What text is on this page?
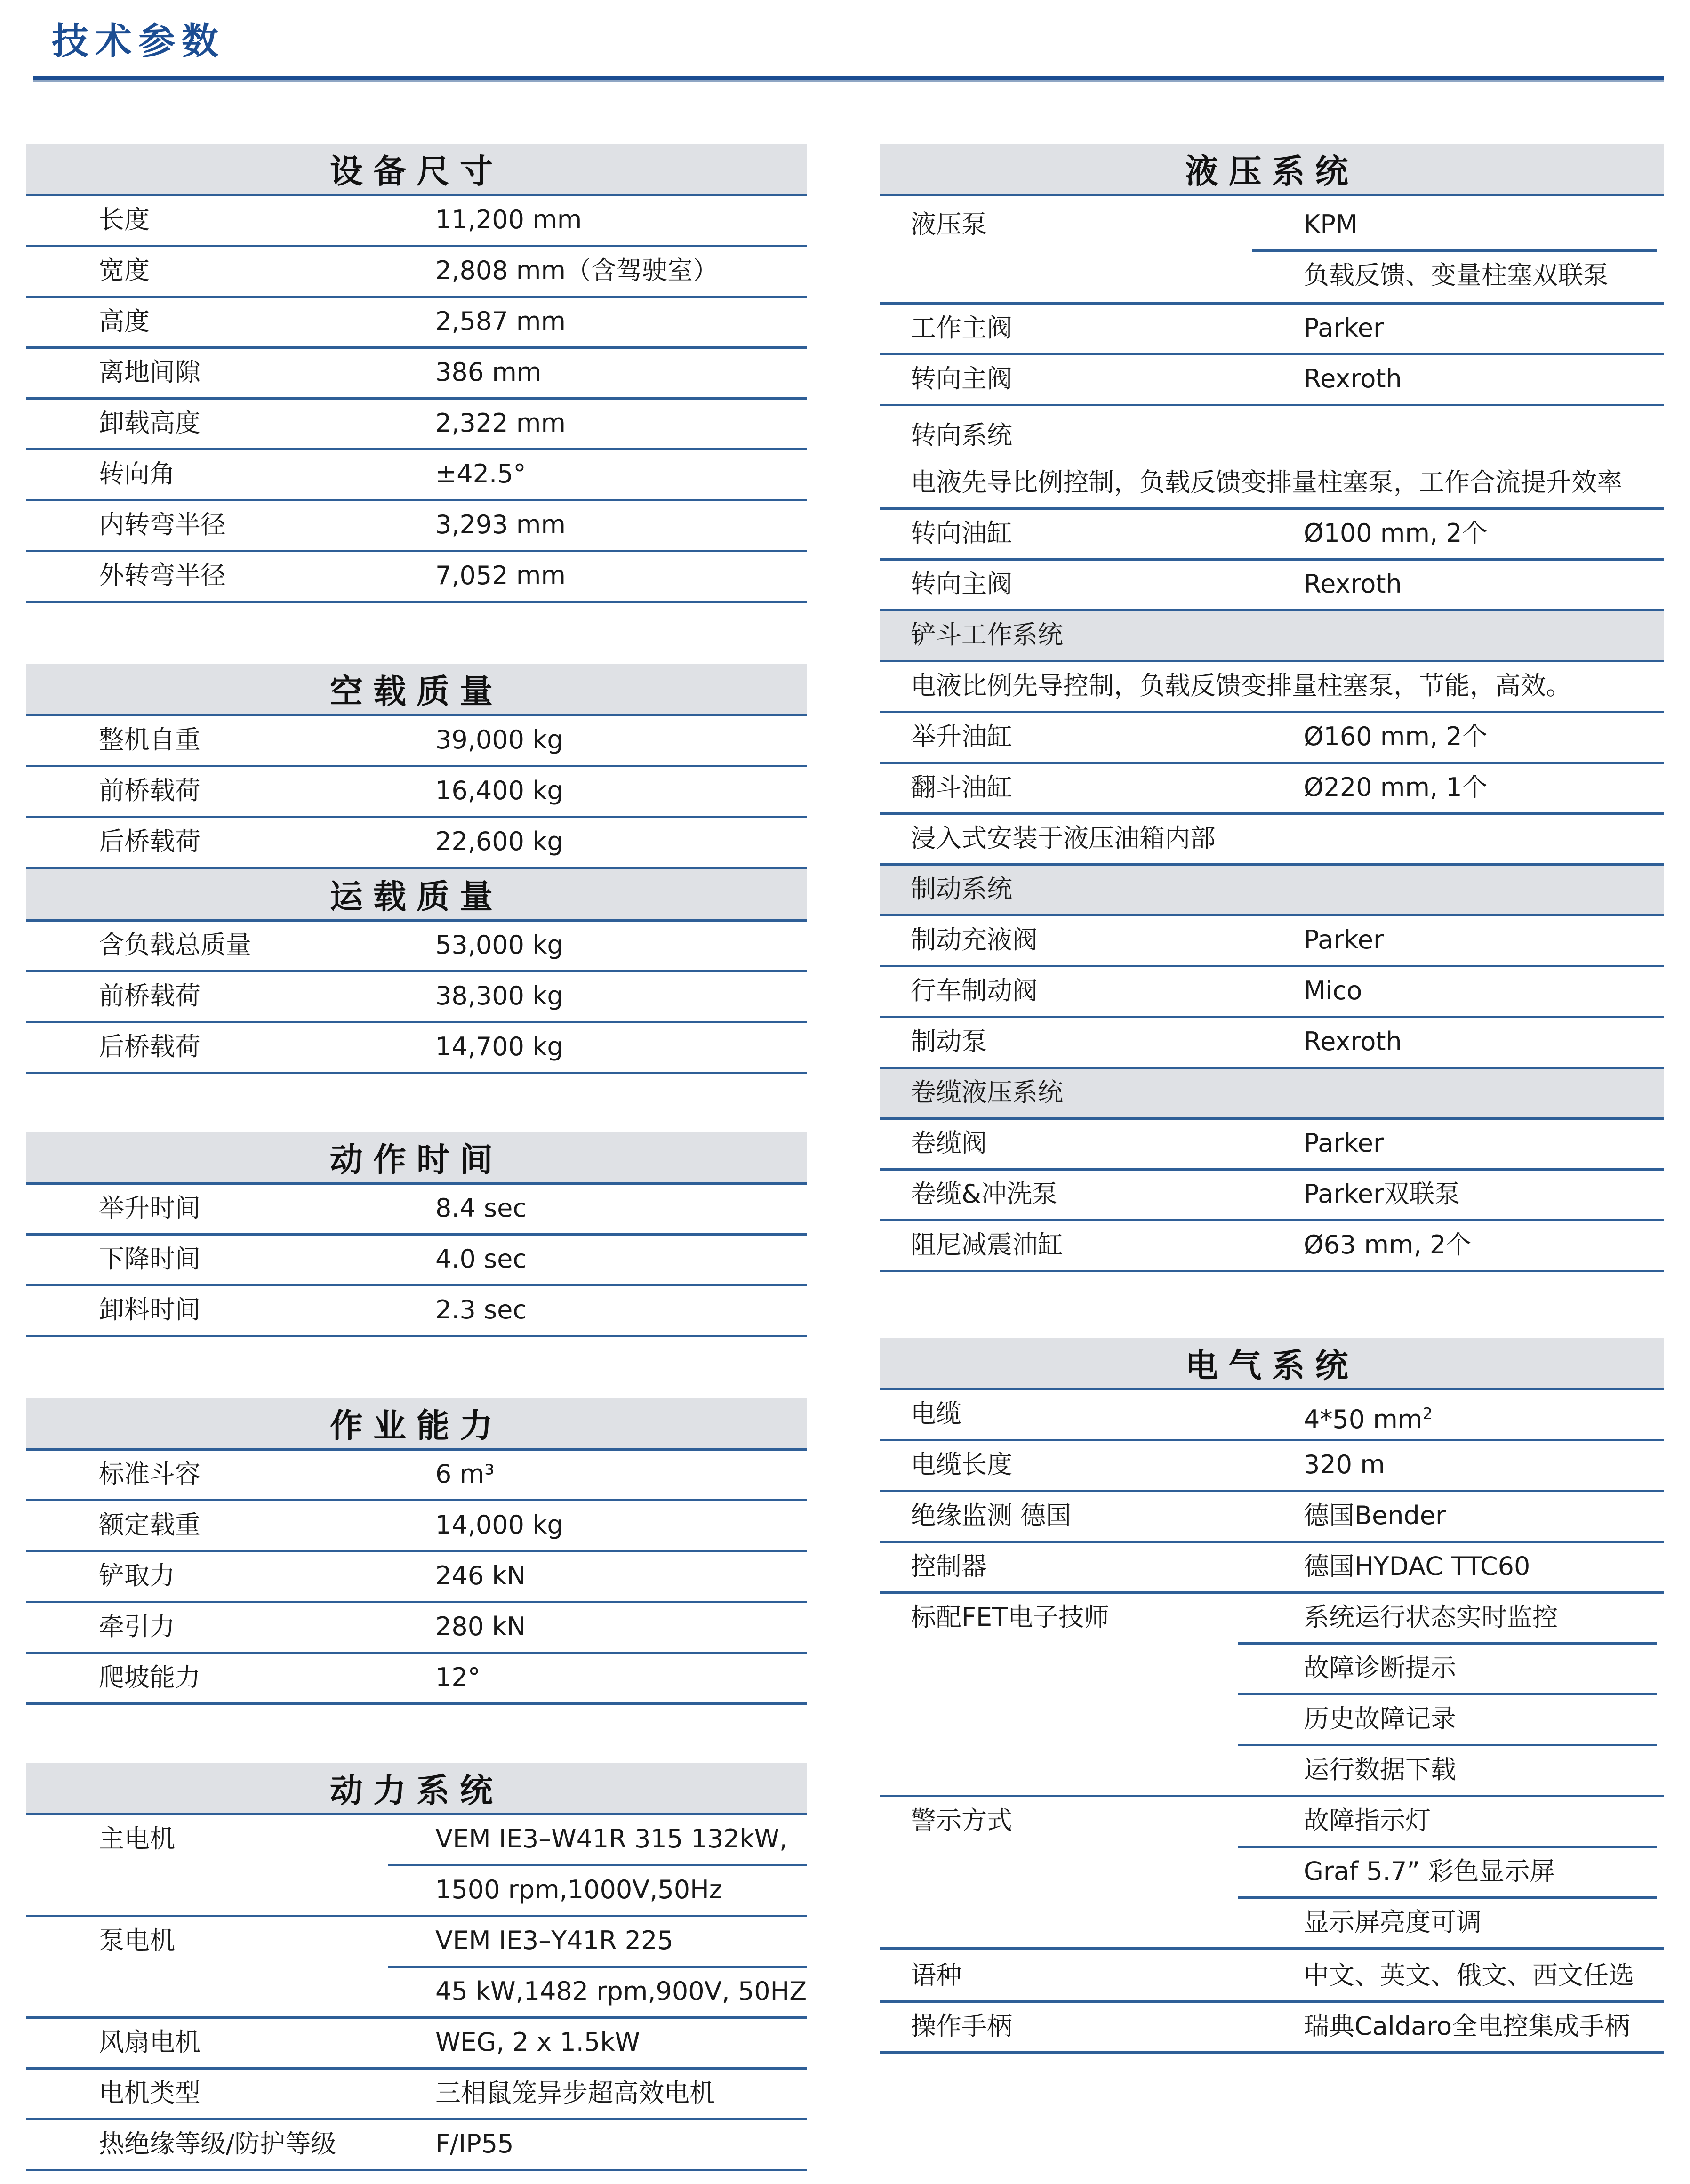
技术参数
设备尺寸
长度	11,200 mm
宽度	2,808 mm（含驾驶室）
高度	2,587 mm
离地间隙	386 mm
卸载高度	2,322 mm
转向角	±42.5°
内转弯半径	3,293 mm
外转弯半径	7,052 mm
空载质量
整机自重	39,000 kg
前桥载荷	16,400 kg
后桥载荷	22,600 kg
运载质量
含负载总质量	53,000 kg
前桥载荷	38,300 kg
后桥载荷	14,700 kg
动作时间
举升时间	8.4 sec
下降时间	4.0 sec
卸料时间	2.3 sec
作业能力
标准斗容	6 m³
额定载重	14,000 kg
铲取力	246 kN
牵引力	280 kN
爬坡能力	12°
动力系统
主电机	VEM IE3–W41R 315 132kW,
1500 rpm,1000V,50Hz
泵电机	VEM IE3–Y41R 225
45 kW,1482 rpm,900V, 50HZ
风扇电机	WEG, 2 x 1.5kW
电机类型	三相鼠笼异步超高效电机
热绝缘等级/防护等级	F/IP55
液压系统
液压泵	KPM
负载反馈、变量柱塞双联泵
工作主阀	Parker
转向主阀	Rexroth
转向系统
电液先导比例控制，负载反馈变排量柱塞泵，工作合流提升效率
转向油缸	Ø100 mm, 2个
转向主阀	Rexroth
铲斗工作系统
电液比例先导控制，负载反馈变排量柱塞泵，节能，高效。
举升油缸	Ø160 mm, 2个
翻斗油缸	Ø220 mm, 1个
浸入式安装于液压油箱内部
制动系统
制动充液阀	Parker
行车制动阀	Mico
制动泵	Rexroth
卷缆液压系统
卷缆阀	Parker
卷缆&冲洗泵	Parker双联泵
阻尼减震油缸	Ø63 mm, 2个
电气系统
电缆	4*50 $mm^2$
电缆长度	320 m
绝缘监测 德国	德国Bender
控制器	德国HYDAC TTC60
标配FET电子技师	系统运行状态实时监控
故障诊断提示
历史故障记录
运行数据下载
警示方式	故障指示灯
Graf 5.7” 彩色显示屏
显示屏亮度可调
语种	中文、英文、俄文、西文任选
操作手柄	瑞典Caldaro全电控集成手柄
